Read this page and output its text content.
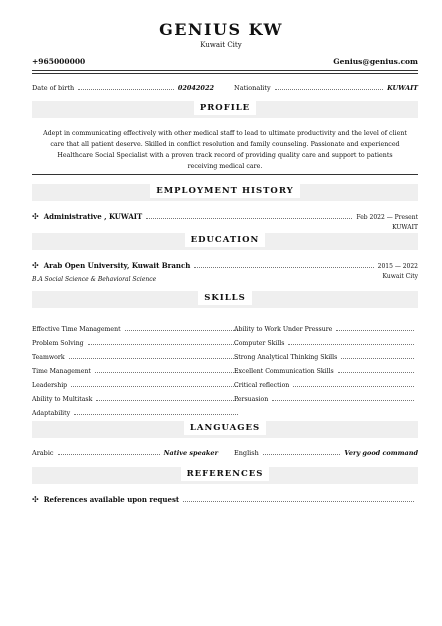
GENIUS KW
Kuwait City
+965000000	Genius@genius.com
Date of birth	02042022	Nationality	KUWAIT
PROFILE
Adept in communicating effectively with other medical staff to lead to ultimate productivity and the level of client care that all patient deserve. Skilled in conflict resolution and family counseling. Passionate and experienced Healthcare Social Specialist with a proven track record of providing quality care and support to patients receiving medical care.
EMPLOYMENT HISTORY
✣ Administrative , KUWAIT	Feb 2022 — Present
KUWAIT
EDUCATION
✣ Arab Open University, Kuwait Branch	2015 — 2022
Kuwait City
B.A Social Science & Behavioral Science
SKILLS
Effective Time Management
Problem Solving
Teamwork
Time Management
Leadership
Ability to Multitask
Adaptability
Ability to Work Under Pressure
Computer Skills
Strong Analytical Thinking Skills
Excellent Communication Skills
Critical reflection
Persuasion
LANGUAGES
Arabic	Native speaker English	Very good command
REFERENCES
✣ References available upon request
